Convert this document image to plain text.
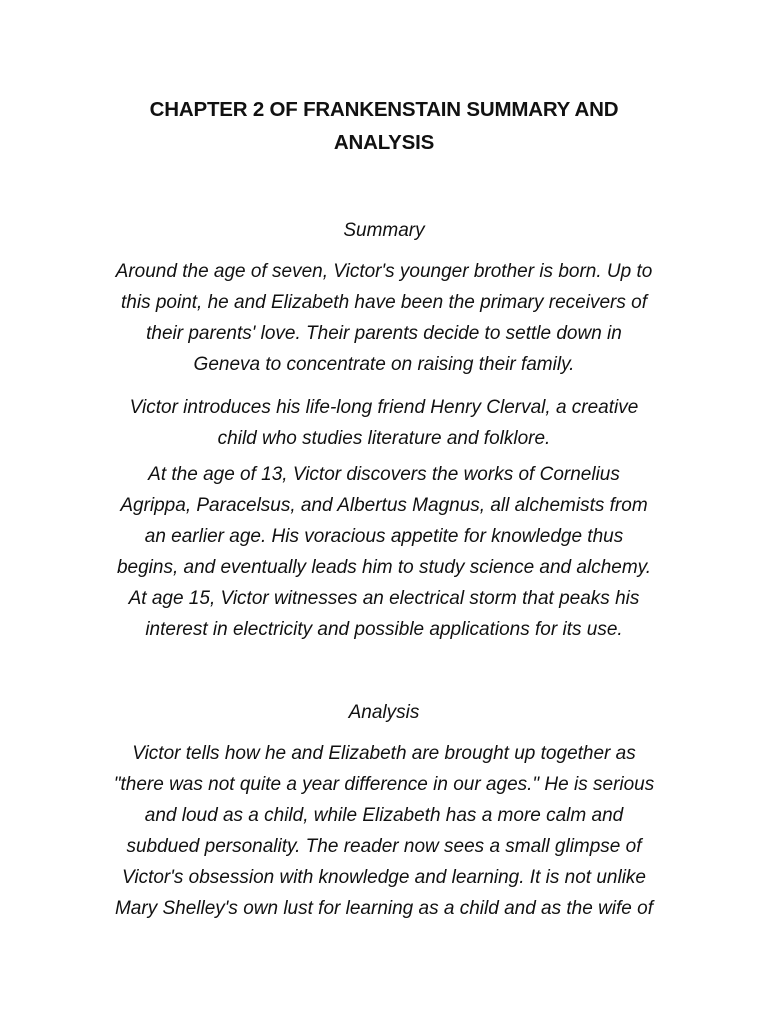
CHAPTER 2 OF FRANKENSTAIN SUMMARY AND
ANALYSIS
Summary

Around the age of seven, Victor's younger brother is born. Up to
this point, he and Elizabeth have been the primary receivers of
their parents' love. Their parents decide to settle down in
Geneva to concentrate on raising their family.

Victor introduces his life-long friend Henry Clerval, a creative
child who studies literature and folklore.

At the age of 13, Victor discovers the works of Cornelius
Agrippa, Paracelsus, and Albertus Magnus, all alchemists from
an earlier age. His voracious appetite for knowledge thus
begins, and eventually leads him to study science and alchemy.
At age 15, Victor witnesses an electrical storm that peaks his
interest in electricity and possible applications for its use.

Analysis

Victor tells how he and Elizabeth are brought up together as
"there was not quite a year difference in our ages." He is serious
and loud as a child, while Elizabeth has a more calm and
subdued personality. The reader now sees a small glimpse of
Victor's obsession with knowledge and learning. It is not unlike
Mary Shelley's own lust for learning as a child and as the wife of
